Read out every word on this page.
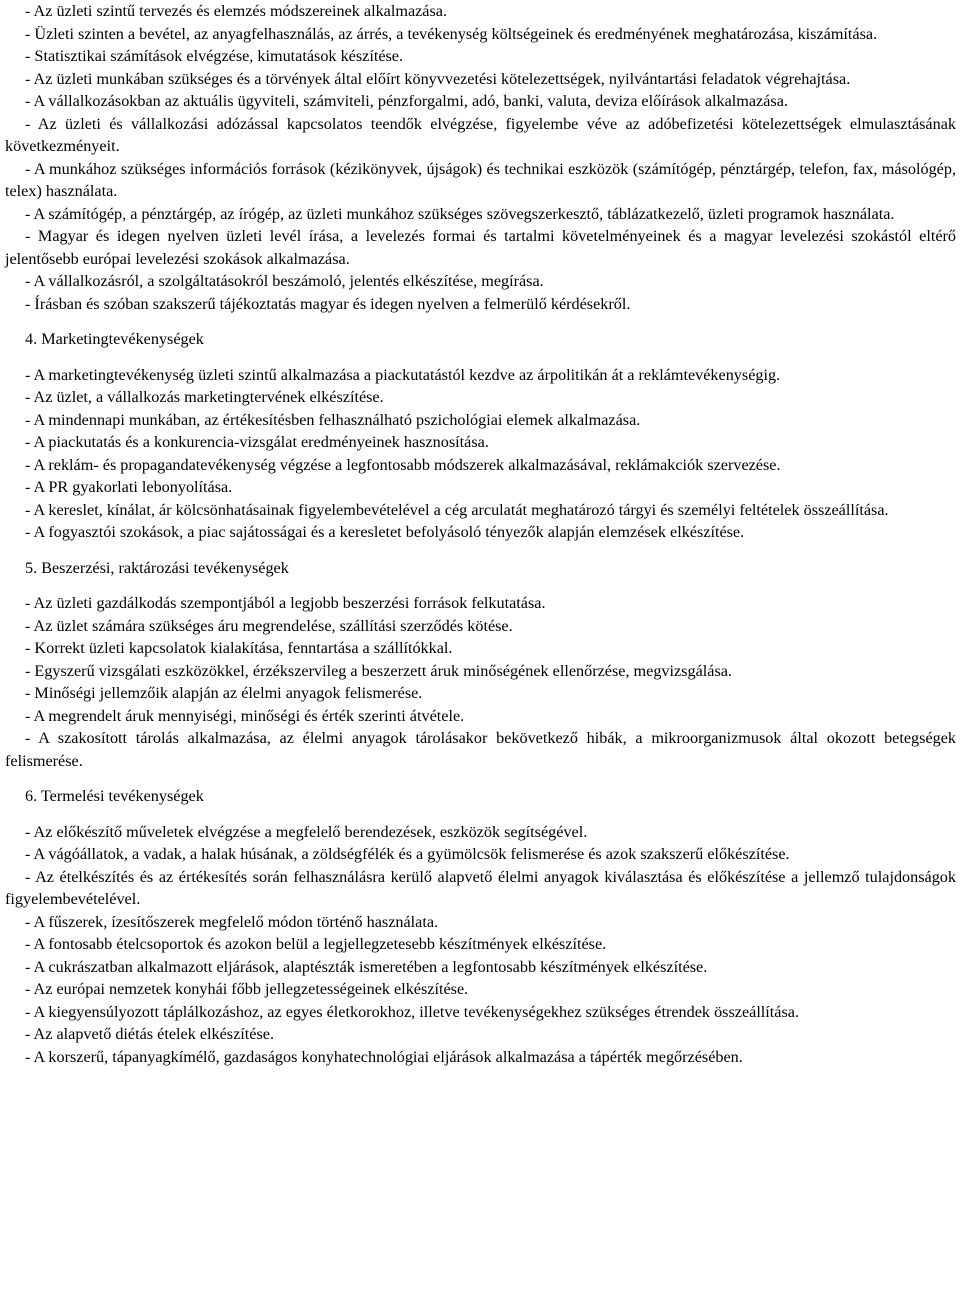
- Az üzleti szintű tervezés és elemzés módszereinek alkalmazása.

- Üzleti szinten a bevétel, az anyagfelhasználás, az árrés, a tevékenység költségeinek és eredményének meghatározása, kiszámítása.

- Statisztikai számítások elvégzése, kimutatások készítése.

- Az üzleti munkában szükséges és a törvények által előírt könyvvezetési kötelezettségek, nyilvántartási feladatok végrehajtása.

- A vállalkozásokban az aktuális ügyviteli, számviteli, pénzforgalmi, adó, banki, valuta, deviza előírások alkalmazása.

- Az üzleti és vállalkozási adózással kapcsolatos teendők elvégzése, figyelembe véve az adóbefizetési kötelezettségek elmulasztásának következményeit.

- A munkához szükséges információs források (kézikönyvek, újságok) és technikai eszközök (számítógép, pénztárgép, telefon, fax, másológép, telex) használata.

- A számítógép, a pénztárgép, az írógép, az üzleti munkához szükséges szövegszerkesztő, táblázatkezelő, üzleti programok használata.

- Magyar és idegen nyelven üzleti levél írása, a levelezés formai és tartalmi követelményeinek és a magyar levelezési szokástól eltérő jelentősebb európai levelezési szokások alkalmazása.

- A vállalkozásról, a szolgáltatásokról beszámoló, jelentés elkészítése, megírása.

- Írásban és szóban szakszerű tájékoztatás magyar és idegen nyelven a felmerülő kérdésekről.

4. Marketingtevékenységek

- A marketingtevékenység üzleti szintű alkalmazása a piackutatástól kezdve az árpolitikán át a reklámtevékenységig.

- Az üzlet, a vállalkozás marketingtervének elkészítése.

- A mindennapi munkában, az értékesítésben felhasználható pszichológiai elemek alkalmazása.

- A piackutatás és a konkurencia-vizsgálat eredményeinek hasznosítása.

- A reklám- és propagandatevékenység végzése a legfontosabb módszerek alkalmazásával, reklámakciók szervezése.

- A PR gyakorlati lebonyolítása.

- A kereslet, kínálat, ár kölcsönhatásainak figyelembevételével a cég arculatát meghatározó tárgyi és személyi feltételek összeállítása.

- A fogyasztói szokások, a piac sajátosságai és a keresletet befolyásoló tényezők alapján elemzések elkészítése.

5. Beszerzési, raktározási tevékenységek

- Az üzleti gazdálkodás szempontjából a legjobb beszerzési források felkutatása.

- Az üzlet számára szükséges áru megrendelése, szállítási szerződés kötése.

- Korrekt üzleti kapcsolatok kialakítása, fenntartása a szállítókkal.

- Egyszerű vizsgálati eszközökkel, érzékszervileg a beszerzett áruk minőségének ellenőrzése, megvizsgálása.

- Minőségi jellemzőik alapján az élelmi anyagok felismerése.

- A megrendelt áruk mennyiségi, minőségi és érték szerinti átvétele.

- A szakosított tárolás alkalmazása, az élelmi anyagok tárolásakor bekövetkező hibák, a mikroorganizmusok által okozott betegségek felismerése.

6. Termelési tevékenységek

- Az előkészítő műveletek elvégzése a megfelelő berendezések, eszközök segítségével.

- A vágóállatok, a vadak, a halak húsának, a zöldségfélék és a gyümölcsök felismerése és azok szakszerű előkészítése.

- Az ételkészítés és az értékesítés során felhasználásra kerülő alapvető élelmi anyagok kiválasztása és előkészítése a jellemző tulajdonságok figyelembevételével.

- A fűszerek, ízesítőszerek megfelelő módon történő használata.

- A fontosabb ételcsoportok és azokon belül a legjellegzetesebb készítmények elkészítése.

- A cukrászatban alkalmazott eljárások, alaptészták ismeretében a legfontosabb készítmények elkészítése.

- Az európai nemzetek konyhái főbb jellegzetességeinek elkészítése.

- A kiegyensúlyozott táplálkozáshoz, az egyes életkorokhoz, illetve tevékenységekhez szükséges étrendek összeállítása.

- Az alapvető diétás ételek elkészítése.

- A korszerű, tápanyagkímélő, gazdaságos konyhatechnológiai eljárások alkalmazása a tápérték megőrzésében.
